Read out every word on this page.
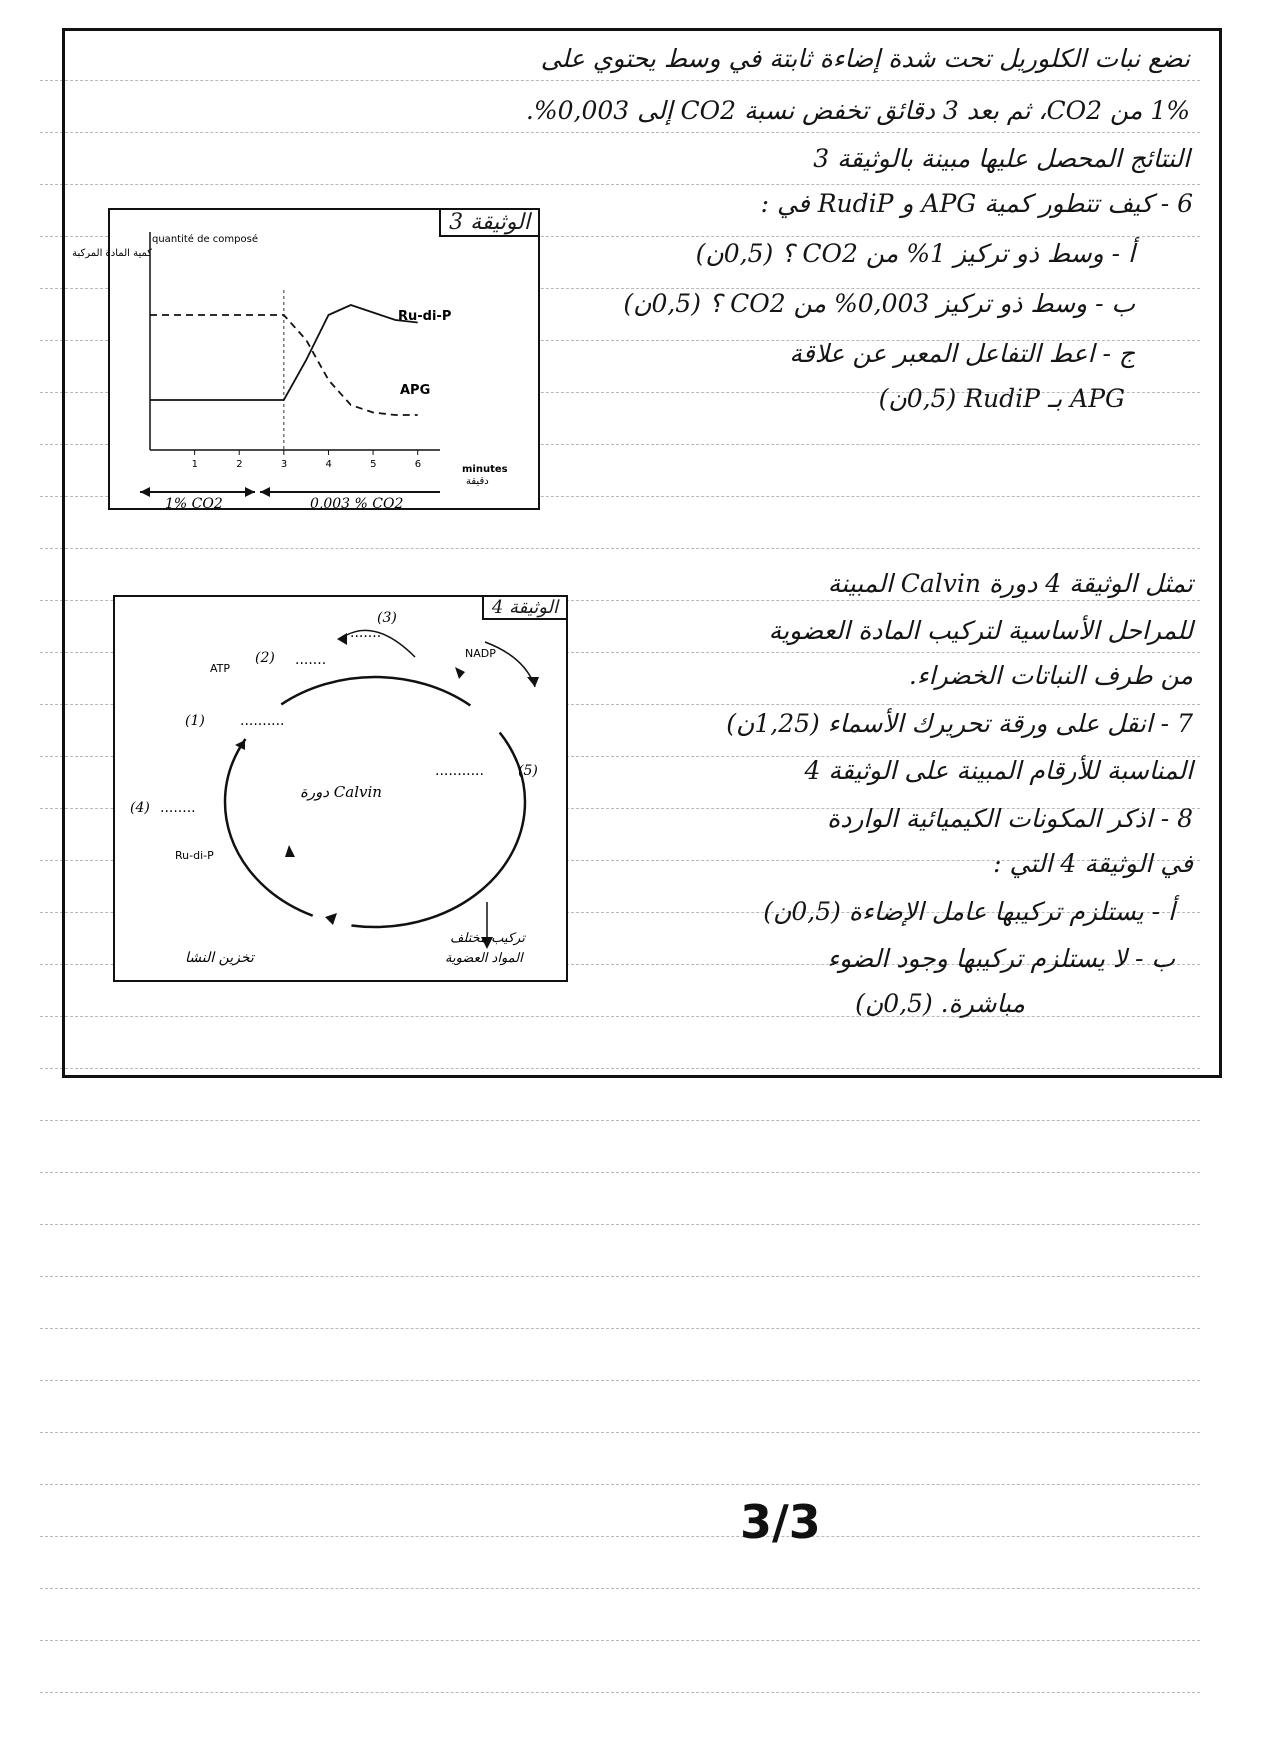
نضع نبات الكلوريل تحت شدة إضاءة ثابتة في وسط يحتوي على
1% من CO2، ثم بعد 3 دقائق تخفض نسبة CO2 إلى 0,003%.
النتائج المحصل عليها مبينة بالوثيقة 3
6 - كيف تتطور كمية APG و RudiP في :
أ - وسط ذو تركيز 1% من CO2 ؟ (0,5ن)
ب - وسط ذو تركيز 0,003% من CO2 ؟ (0,5ن)
ج - اعط التفاعل المعبر عن علاقة
APG بـ RudiP (0,5ن)
quantité de composé
كمية المادة المركبة
1	2	3	4	5	6
Ru-di-P
APG
minutes
دقيقة
1% CO2	0,003 % CO2
الوثيقة 3
تمثل الوثيقة 4 دورة Calvin المبينة
للمراحل الأساسية لتركيب المادة العضوية
من طرف النباتات الخضراء.
7 - انقل على ورقة تحريرك الأسماء (1,25ن)
المناسبة للأرقام المبينة على الوثيقة 4
8 - اذكر المكونات الكيميائية الواردة
في الوثيقة 4 التي :
أ - يستلزم تركيبها عامل الإضاءة (0,5ن)
ب - لا يستلزم تركيبها وجود الضوء
مباشرة. (0,5ن)
ATP
NADP
(2) .......
(3)
.......
(1)	..........
(5)
...........
(4) ........
Ru-di-P
دورة Calvin
تخزين النشا
تركيب مختلف
المواد العضوية
الوثيقة 4
3/3
